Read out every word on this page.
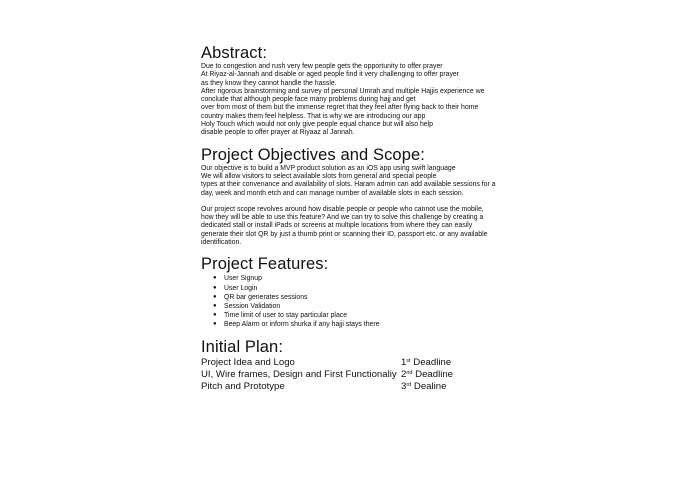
Abstract:

Due to congestion and rush very few people gets the opportunity to offer prayer

At Riyaz-al-Jannah and disable or aged people find it very challenging to offer prayer

as they know they cannot handle the hassle.

After rigorous brainstorming and survey of personal Umrah and multiple Hajjis experience we

conclude that although people face many problems during hajj and get

over from most of them but the immense regret that they feel after flying back to their home

country makes them feel helpless. That is why we are introducing our app

Holy Touch which would not only give people equal chance but will also help

disable people to offer prayer at Riyaaz al Jannah.

Project Objectives and Scope:

Our objective is to build a MVP product solution as an iOS app using swift language

We will allow visitors to select available slots from general and special people

types at their convenance and availability of slots. Haram admin can add available sessions for a

day, week and month etch and can manage number of available slots in each session.

Our project scope revolves around how disable people or people who cannot use the mobile,

how they will be able to use this feature? And we can try to solve this challenge by creating a

dedicated stall or install iPads or screens at multiple locations from where they can easily

generate their slot QR by just a thumb print or scanning their ID, passport etc. or any available

identification.

Project Features:
● User Signup
● User Login
● QR bar generates sessions
● Session Validation
● Time limit of user to stay particular place
● Beep Alarm or inform shurka if any hajji stays there
Initial Plan:
Project Idea and Logo	1st Deadline
UI, Wire frames, Design and First Functionaliy 2nd Deadline
Pitch and Prototype	3rd Dealine
